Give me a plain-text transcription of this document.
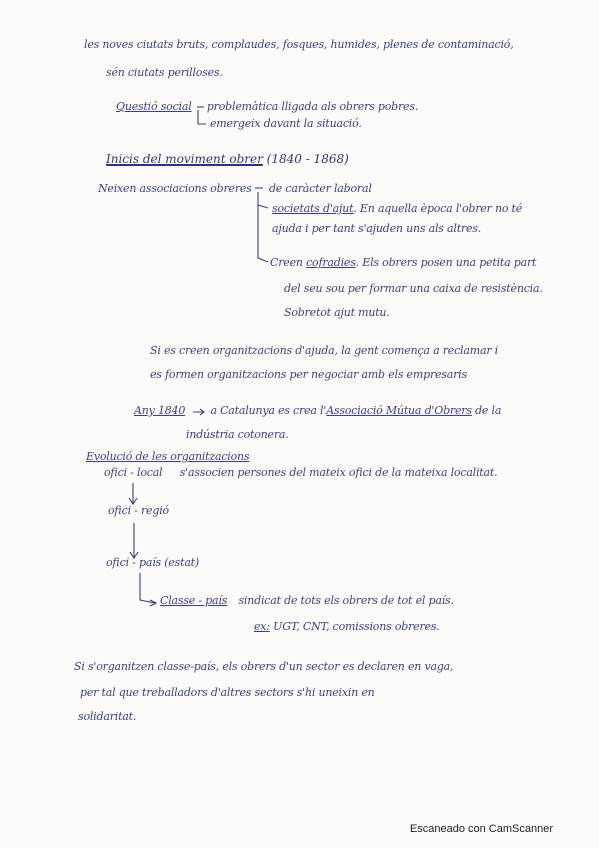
les noves ciutats bruts, complaudes, fosques, humides, plenes de contaminació,
sén ciutats perilloses.
Questió social problemàtica lligada als obrers pobres.
emergeix davant la situació.
Inicis del moviment obrer (1840 - 1868)
Neixen associacions obreres de caràcter laboral
societats d'ajut. En aquella època l'obrer no té
ajuda i per tant s'ajuden uns als altres.
Creen cofradies. Els obrers posen una petita part
del seu sou per formar una caixa de resistència.
Sobretot ajut mutu.
Si es creen organitzacions d'ajuda, la gent comença a reclamar i
es formen organitzacions per negociar amb els empresaris
Any 1840 a Catalunya es crea l'Associació Mútua d'Obrers de la
indústria cotonera.
Evolució de les organitzacions
ofici - local s'associen persones del mateix ofici de la mateixa localitat.
ofici - regió
ofici - país (estat)
Classe - país sindicat de tots els obrers de tot el país.
ex: UGT, CNT, comissions obreres.
Si s'organitzen classe-país, els obrers d'un sector es declaren en vaga,
per tal que treballadors d'altres sectors s'hi uneixin en
solidaritat.
Escaneado con CamScanner
